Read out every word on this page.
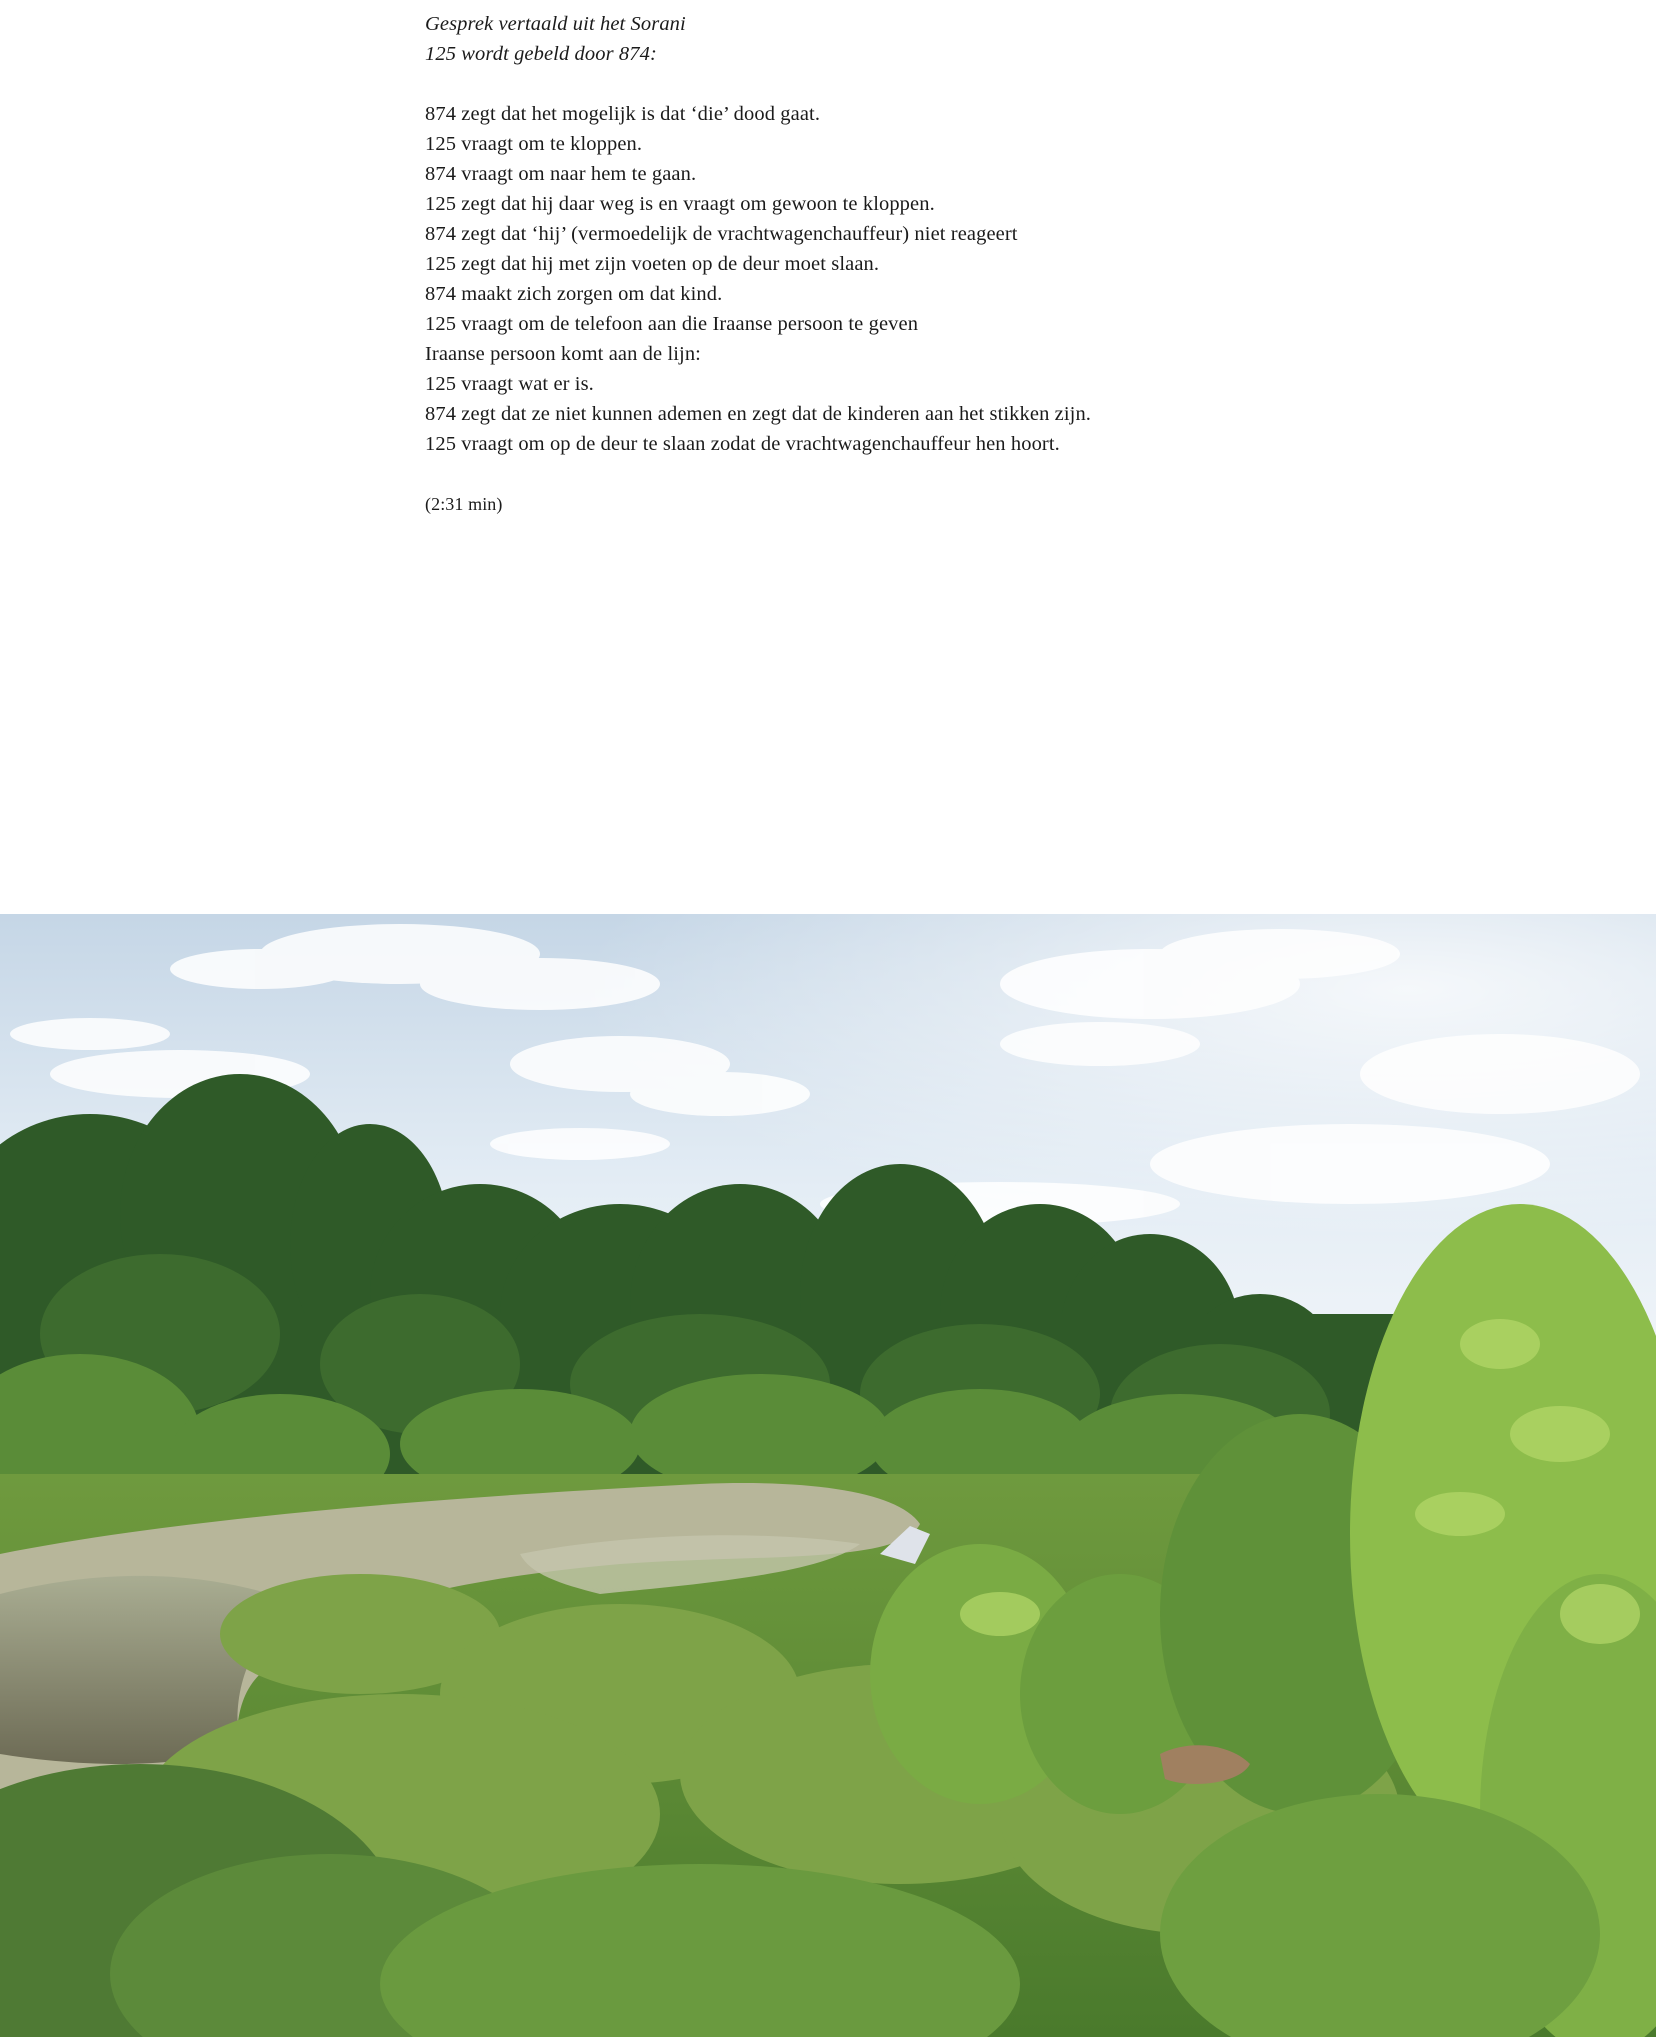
Gesprek vertaald uit het Sorani
125 wordt gebeld door 874:
874 zegt dat het mogelijk is dat ‘die’ dood gaat.
125 vraagt om te kloppen.
874 vraagt om naar hem te gaan.
125 zegt dat hij daar weg is en vraagt om gewoon te kloppen.
874 zegt dat ‘hij’ (vermoedelijk de vrachtwagenchauffeur) niet reageert
125 zegt dat hij met zijn voeten op de deur moet slaan.
874 maakt zich zorgen om dat kind.
125 vraagt om de telefoon aan die Iraanse persoon te geven
Iraanse persoon komt aan de lijn:
125 vraagt wat er is.
874 zegt dat ze niet kunnen ademen en zegt dat de kinderen aan het stikken zijn.
125 vraagt om op de deur te slaan zodat de vrachtwagenchauffeur hen hoort.
(2:31 min)
